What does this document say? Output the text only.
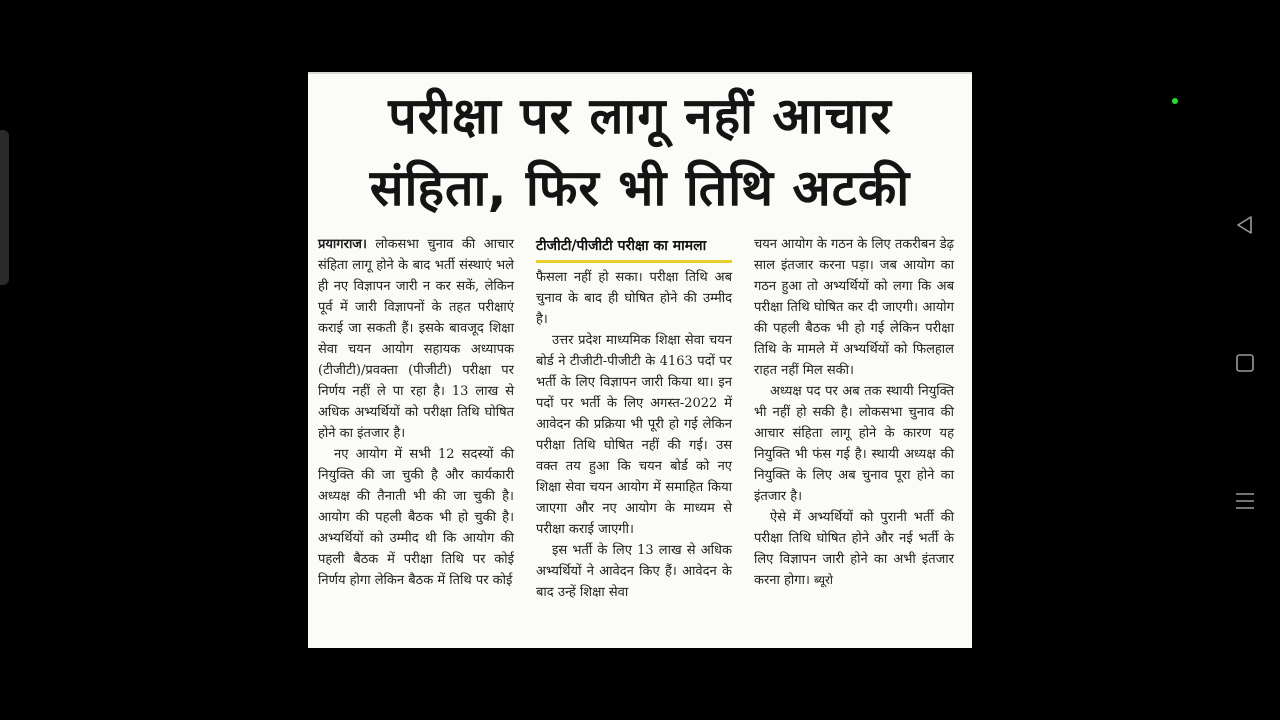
परीक्षा पर लागू नहीं आचार
संहिता, फिर भी तिथि अटकी

प्रयागराज। लोकसभा चुनाव की आचार संहिता लागू होने के बाद भर्ती संस्थाएं भले ही नए विज्ञापन जारी न कर सकें, लेकिन पूर्व में जारी विज्ञापनों के तहत परीक्षाएं कराई जा सकती हैं। इसके बावजूद शिक्षा सेवा चयन आयोग सहायक अध्यापक (टीजीटी)/प्रवक्ता (पीजीटी) परीक्षा पर निर्णय नहीं ले पा रहा है। 13 लाख से अधिक अभ्यर्थियों को परीक्षा तिथि घोषित होने का इंतजार है।

नए आयोग में सभी 12 सदस्यों की नियुक्ति की जा चुकी है और कार्यकारी अध्यक्ष की तैनाती भी की जा चुकी है। आयोग की पहली बैठक भी हो चुकी है। अभ्यर्थियों को उम्मीद थी कि आयोग की पहली बैठक में परीक्षा तिथि पर कोई निर्णय होगा लेकिन बैठक में तिथि पर कोई

टीजीटी/पीजीटी परीक्षा का मामला

फैसला नहीं हो सका। परीक्षा तिथि अब चुनाव के बाद ही घोषित होने की उम्मीद है।

उत्तर प्रदेश माध्यमिक शिक्षा सेवा चयन बोर्ड ने टीजीटी-पीजीटी के 4163 पदों पर भर्ती के लिए विज्ञापन जारी किया था। इन पदों पर भर्ती के लिए अगस्त-2022 में आवेदन की प्रक्रिया भी पूरी हो गई लेकिन परीक्षा तिथि घोषित नहीं की गई। उस वक्त तय हुआ कि चयन बोर्ड को नए शिक्षा सेवा चयन आयोग में समाहित किया जाएगा और नए आयोग के माध्यम से परीक्षा कराई जाएगी।

इस भर्ती के लिए 13 लाख से अधिक अभ्यर्थियों ने आवेदन किए हैं। आवेदन के बाद उन्हें शिक्षा सेवा

चयन आयोग के गठन के लिए तकरीबन डेढ़ साल इंतजार करना पड़ा। जब आयोग का गठन हुआ तो अभ्यर्थियों को लगा कि अब परीक्षा तिथि घोषित कर दी जाएगी। आयोग की पहली बैठक भी हो गई लेकिन परीक्षा तिथि के मामले में अभ्यर्थियों को फिलहाल राहत नहीं मिल सकी।

अध्यक्ष पद पर अब तक स्थायी नियुक्ति भी नहीं हो सकी है। लोकसभा चुनाव की आचार संहिता लागू होने के कारण यह नियुक्ति भी फंस गई है। स्थायी अध्यक्ष की नियुक्ति के लिए अब चुनाव पूरा होने का इंतजार है।

ऐसे में अभ्यर्थियों को पुरानी भर्ती की परीक्षा तिथि घोषित होने और नई भर्ती के लिए विज्ञापन जारी होने का अभी इंतजार करना होगा। ब्यूरो
